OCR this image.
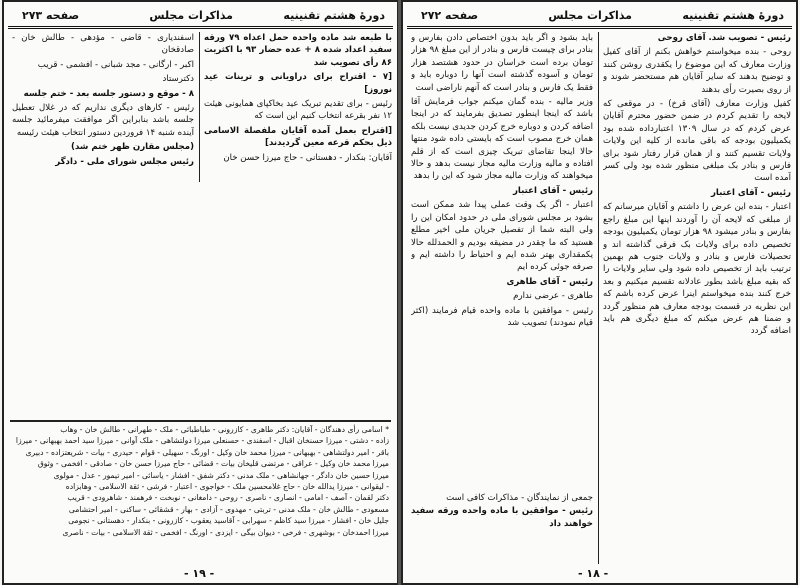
دورهٔ هشتم تقنینیه
مذاکرات مجلس
صفحه ۲۷۳

با طبعه شد ماده واحده حمل اعداه ۷۹ ورقه سفید اعداد شده ۸ + عده حضار ۹۳ با اکثریت ۸۶ رأی تصویب شد

[٧ - اقتراح برای دراویانی و ترینات عید نوروز]

رئیس - برای تقدیم تبریک عید بخاکپای همایونی هیئت ۱۲ نفر بقرعه انتخاب کنیم این است که

[اقتراح بعمل آمده آقایان ملفصلة الاسامی ذیل بحکم قرعه معین گردیدند]

آقایان: بنکدار - دهستانی - حاج میرزا حسن خان

اسفندیاری - قاضی - مؤدهی - طالش خان - صادقخان

اکبر - ارگانی - مجد شبانی - افشمی - قریب

دکترستاد

۸ - موقع و دستور جلسه بعد - ختم جلسه

رئیس - کارهای دیگری نداریم که در غلال تعطیل جلسه باشد بنابراین اگر موافقت میفرمائید جلسه آینده شنبه ۱۴ فروردین دستور انتخاب هیئت رئیسه

(مجلس مقارن ظهر ختم شد)

رئیس مجلس شورای ملی - دادگر

* اسامی رأی دهندگان - آقایان: دکتر طاهری - کازرونی - طباطبائی - ملک - طهرانی - طالش خان - وهاب
زاده - دشتی - میرزا حسنخان اقبال - اسفندی - حسنعلی میرزا دولتشاهی - ملک آوانی - میرزا سید احمد بهبهانی - میرزا
باقر - امیر دولتشاهی - بهبهانی - میرزا محمد خان وکیل - اورنگ - سهیلی - قوام - حیدری - بیات - شریعتزاده - دبیری
میرزا محمد خان وکیل - عراقی - مرتضی قلیخان بیات - قضائی - حاج میرزا حسن خان - صادقی - افخمی - وثوق
میرزا حسین خان دادگر - جهانشاهی - ملک مدنی - دکتر شفق - افشار - یاسائی - امیر تیمور - عدل - مولوی
- لیقوانی - میرزا یدالله خان - حاج غلامحسین ملک - خواجوی - اعتبار - فرشی - ثقة الاسلامی - وهابزاده
دکتر لقمان - آصف - امامی - انصاری - ناصری - روحی - دامغانی - نوبخت - فرهمند - شاهرودی - قریب
مسعودی - طالش خان - ملک مدنی - تربتی - مهدوی - آزادی - بهار - قشقائی - ساکنی - امیر احتشامی
جلیل خان - افشار - میرزا سید کاظم - سهرابی - آقاسید یعقوب - کازرونی - بنکدار - دهستانی - نجومی
میرزا احمدخان - بوشهری - فرخی - دیوان بیگی - ایزدی - اورنگ - افخمی - ثقة الاسلامی - بیات - ناصری
- ۱۹ -
دورهٔ هشتم تقنینیه
مذاکرات مجلس
صفحه ۲۷۲

رئیس - تصویب شد. آقای روحی

روحی - بنده میخواستم خواهش بکنم از آقای کفیل وزارت معارف که این موضوع را یکقدری روشن کنند و توضیح بدهند که سایر آقایان هم مستحضر شوند و از روی بصیرت رأی بدهند

کفیل وزارت معارف (آقای قرخ) - در موقعی که لایحه را تقدیم کردم در ضمن حضور محترم آقایان عرض کردم که در سال ۱۳۰۹ اعتبارداده شده بود یکمیلیون بودجه که باقی مانده از کلیه این ولایات ولایات تقسیم کنند و از همان قرار رفتار شود برای فارس و بنادر بک مبلغی منظور شده بود ولی کسر آمده است

رئیس - آقای اعتبار

اعتبار - بنده این عرض را داشتم و آقایان میرسانم که از مبلغی که لایحه آن را آوردند اینها این مبلغ راجع بفارس و بنادر میشود ۹۸ هزار تومان یکمیلیون بودجه تخصیص داده برای ولایات بک فرقی گذاشته اند و تحصیلات فارس و بنادر و ولایات جنوب هم بهمین ترتیب باید از تخصیص داده شود ولی سایر ولایات را که بقیه مبلغ باشد بطور عادلانه تقسیم میکنیم و بعد خرج کنند بنده میخواستم اینرا عرض کرده باشم که این نظریه در قسمت بودجه معارف هم منظور گردد و ضمنا هم عرض میکنم که مبلغ دیگری هم باید اضافه گردد

باید بشود و اگر باید بدون اختصاص دادن بفارس و بنادر برای چیست فارس و بنادر از این مبلغ ۹۸ هزار تومان برده است خراسان در حدود هشتصد هزار تومان و آسوده گذشته است آنها را دوباره باید و فقط یک فارس و بنادر است که آنهم ناراضی است

وزیر مالیه - بنده گمان میکنم جواب فرمایش آقا باشد که اینجا اینطور تصدیق بفرمایند که در اینجا اضافه کردن و دوباره خرج کردن جدیدی نیست بلکه همان خرج مصوب است که بایستی داده شود منتها حالا اینجا تقاضای تبریک چیزی است که از قلم افتاده و مالیه وزارت مالیه مجاز نیست بدهد و حالا میخواهند که وزارت مالیه مجاز شود که این را بدهد

رئیس - آقای اعتبار

اعتبار - اگر یک وقت عملی پیدا شد ممکن است بشود بر مجلس شورای ملی در حدود امکان این را ولی البته شما از تفصیل جریان ملی اخیر مطلع هستید که ما چقدر در مضیقه بودیم و الحمدلله حالا یکمقداری بهتر شده ایم و احتیاط را داشته ایم و صرفه جوئی کرده ایم

رئیس - آقای طاهری

طاهری - عرضی ندارم

رئیس - موافقین با ماده واحده قیام فرمایند (اکثر قیام نمودند) تصویب شد

جمعی از نمایندگان - مذاکرات کافی است
رئیس - موافقین با ماده واحده ورقه سفید خواهند داد
- ۱۸ -
